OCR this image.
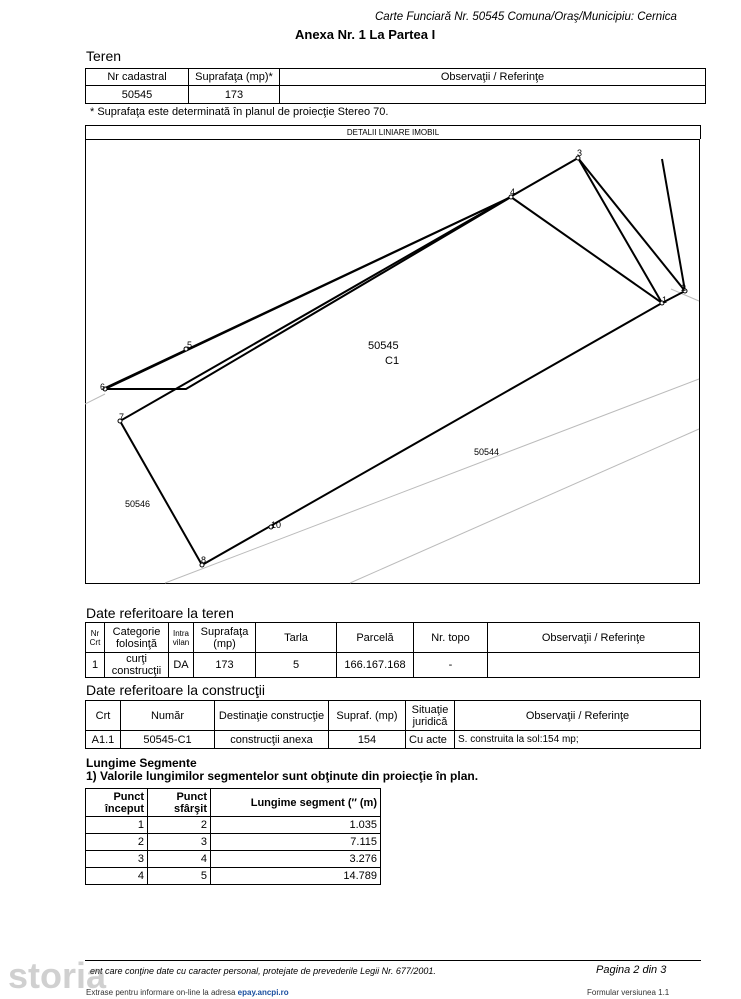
Carte Funciară Nr. 50545 Comuna/Oraş/Municipiu: Cernica
Anexa Nr. 1 La Partea I
Teren
Nr cadastral	Suprafaţa (mp)*	Observaţii / Referinţe
50545	173	
* Suprafaţa este determinată în planul de proiecţie Stereo 70.
DETALII LINIARE IMOBIL
1
2
3
4
5
6
7
8
10
50545
C1
50544
50546
Date referitoare la teren
Nr Crt	Categorie folosinţă	Intra vilan	Suprafaţa (mp)	Tarla	Parcelă	Nr. topo	Observaţii / Referinţe
1	curţi construcţii	DA	173	5	166.167.168	-	
Date referitoare la construcţii
Crt	Număr	Destinaţie construcţie	Supraf. (mp)	Situaţie juridică	Observaţii / Referinţe
A1.1	50545-C1	construcţii anexa	154	Cu acte	S. construita la sol:154 mp;
Lungime Segmente
1) Valorile lungimilor segmentelor sunt obţinute din proiecţie în plan.
Punct început	Punct sfârşit	Lungime segment (′′ (m)
1	2	1.035
2	3	7.115
3	4	3.276
4	5	14.789
ent care conţine date cu caracter personal, protejate de prevederile Legii Nr. 677/2001.	Pagina 2 din 3
Extrase pentru informare on-line la adresa epay.ancpi.ro	Formular versiunea 1.1
storia
